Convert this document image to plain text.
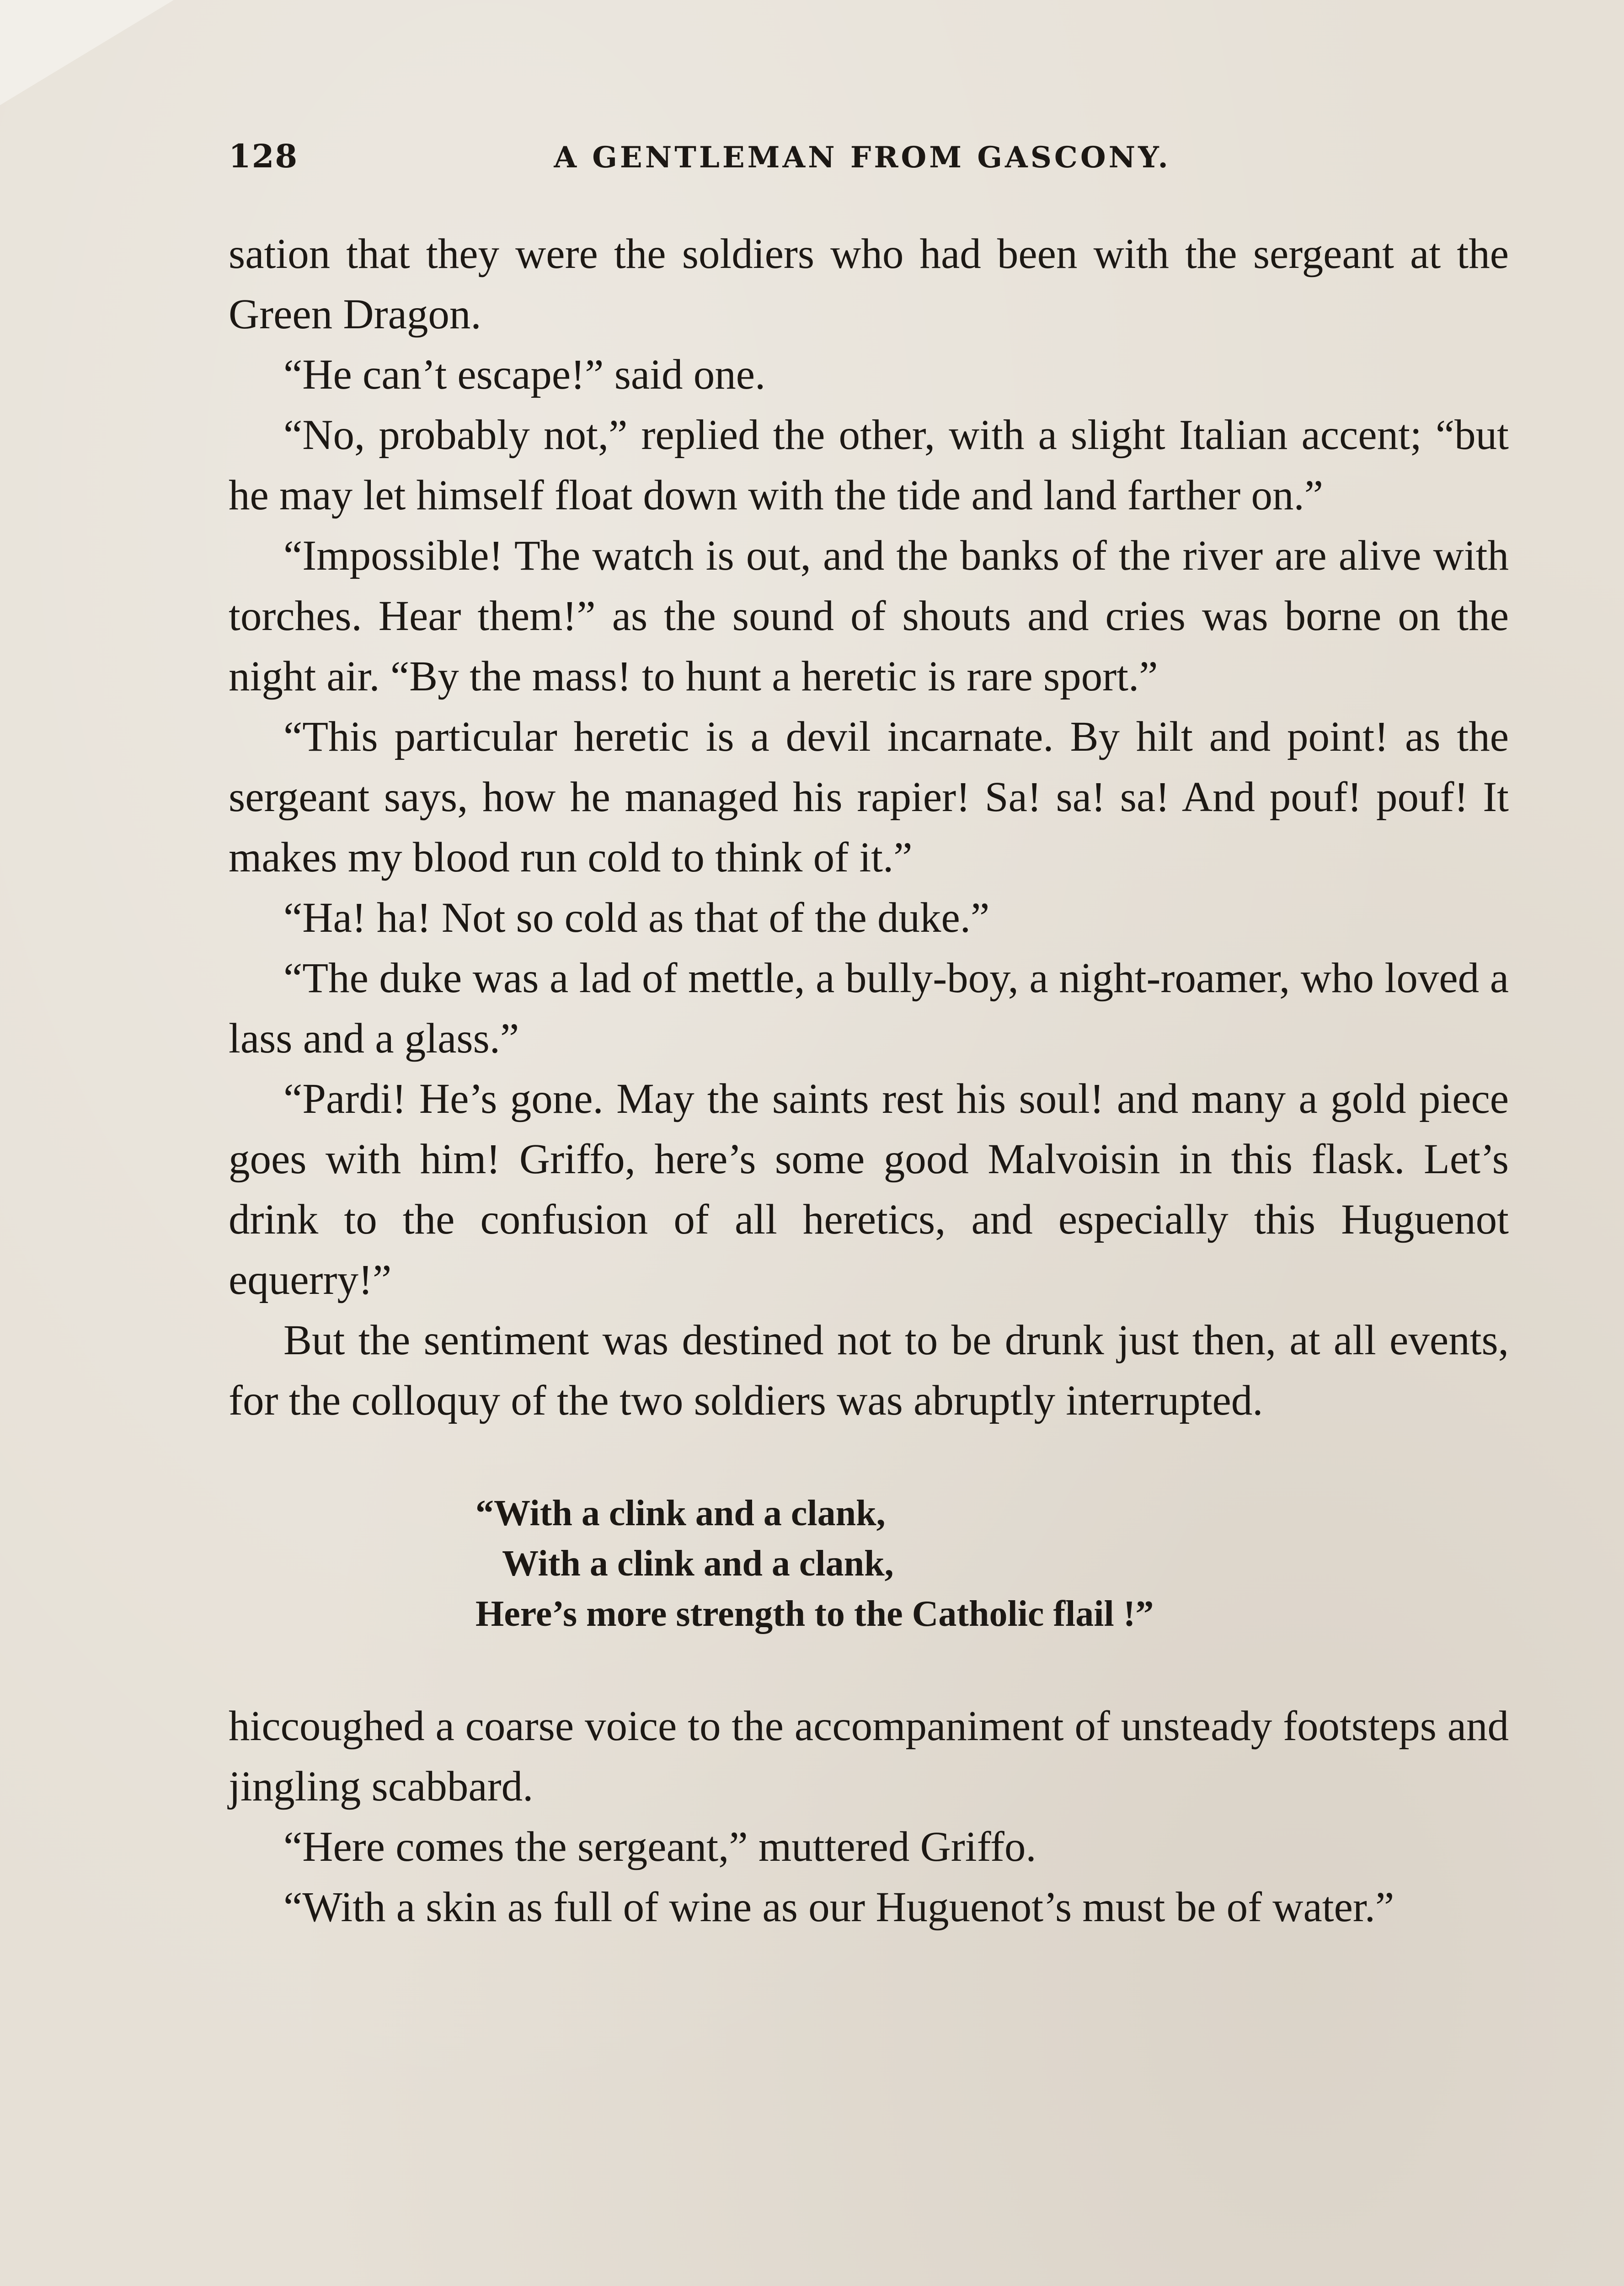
128	A GENTLEMAN FROM GASCONY.

sation that they were the soldiers who had been with the sergeant at the Green Dragon.

“He can’t escape!” said one.

“No, probably not,” replied the other, with a slight Italian accent; “but he may let himself float down with the tide and land farther on.”

“Impossible! The watch is out, and the banks of the river are alive with torches. Hear them!” as the sound of shouts and cries was borne on the night air. “By the mass! to hunt a heretic is rare sport.”

“This particular heretic is a devil incarnate. By hilt and point! as the sergeant says, how he managed his rapier! Sa! sa! sa! And pouf! pouf! It makes my blood run cold to think of it.”

“Ha! ha! Not so cold as that of the duke.”

“The duke was a lad of mettle, a bully-boy, a night-roamer, who loved a lass and a glass.”

“Pardi! He’s gone. May the saints rest his soul! and many a gold piece goes with him! Griffo, here’s some good Malvoisin in this flask. Let’s drink to the confusion of all heretics, and especially this Huguenot equerry!”

But the sentiment was destined not to be drunk just then, at all events, for the colloquy of the two soldiers was abruptly interrupted.

“With a clink and a clank,
With a clink and a clank,
Here’s more strength to the Catholic flail !”

hiccoughed a coarse voice to the accompaniment of unsteady footsteps and jingling scabbard.

“Here comes the sergeant,” muttered Griffo.

“With a skin as full of wine as our Huguenot’s must be of water.”
